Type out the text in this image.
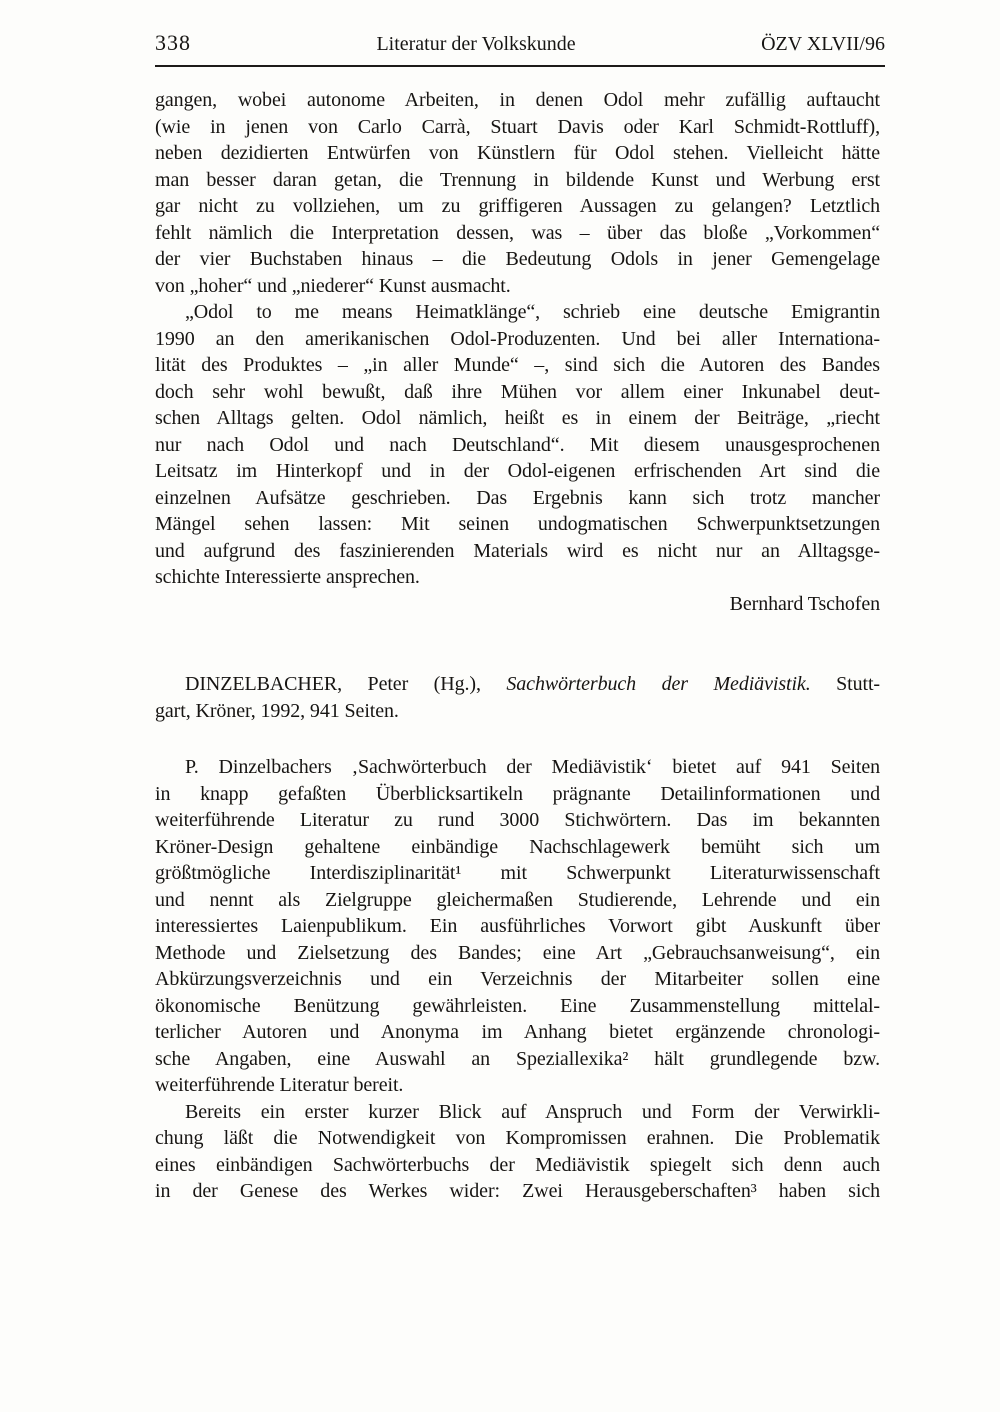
338	Literatur der Volkskunde	ÖZV XLVII/96
gangen, wobei autonome Arbeiten, in denen Odol mehr zufällig auftaucht
(wie in jenen von Carlo Carrà, Stuart Davis oder Karl Schmidt-Rottluff),
neben dezidierten Entwürfen von Künstlern für Odol stehen. Vielleicht hätte
man besser daran getan, die Trennung in bildende Kunst und Werbung erst
gar nicht zu vollziehen, um zu griffigeren Aussagen zu gelangen? Letztlich
fehlt nämlich die Interpretation dessen, was – über das bloße „Vorkommen“
der vier Buchstaben hinaus – die Bedeutung Odols in jener Gemengelage
von „hoher“ und „niederer“ Kunst ausmacht.
„Odol to me means Heimatklänge“, schrieb eine deutsche Emigrantin
1990 an den amerikanischen Odol-Produzenten. Und bei aller Internationa-
lität des Produktes – „in aller Munde“ –, sind sich die Autoren des Bandes
doch sehr wohl bewußt, daß ihre Mühen vor allem einer Inkunabel deut-
schen Alltags gelten. Odol nämlich, heißt es in einem der Beiträge, „riecht
nur nach Odol und nach Deutschland“. Mit diesem unausgesprochenen
Leitsatz im Hinterkopf und in der Odol-eigenen erfrischenden Art sind die
einzelnen Aufsätze geschrieben. Das Ergebnis kann sich trotz mancher
Mängel sehen lassen: Mit seinen undogmatischen Schwerpunktsetzungen
und aufgrund des faszinierenden Materials wird es nicht nur an Alltagsge-
schichte Interessierte ansprechen.
Bernhard Tschofen
DINZELBACHER, Peter (Hg.), Sachwörterbuch der Mediävistik. Stutt-
gart, Kröner, 1992, 941 Seiten.
P. Dinzelbachers ‚Sachwörterbuch der Mediävistik‘ bietet auf 941 Seiten
in knapp gefaßten Überblicksartikeln prägnante Detailinformationen und
weiterführende Literatur zu rund 3000 Stichwörtern. Das im bekannten
Kröner-Design gehaltene einbändige Nachschlagewerk bemüht sich um
größtmögliche Interdisziplinarität¹ mit Schwerpunkt Literaturwissenschaft
und nennt als Zielgruppe gleichermaßen Studierende, Lehrende und ein
interessiertes Laienpublikum. Ein ausführliches Vorwort gibt Auskunft über
Methode und Zielsetzung des Bandes; eine Art „Gebrauchsanweisung“, ein
Abkürzungsverzeichnis und ein Verzeichnis der Mitarbeiter sollen eine
ökonomische Benützung gewährleisten. Eine Zusammenstellung mittelal-
terlicher Autoren und Anonyma im Anhang bietet ergänzende chronologi-
sche Angaben, eine Auswahl an Speziallexika² hält grundlegende bzw.
weiterführende Literatur bereit.
Bereits ein erster kurzer Blick auf Anspruch und Form der Verwirkli-
chung läßt die Notwendigkeit von Kompromissen erahnen. Die Problematik
eines einbändigen Sachwörterbuchs der Mediävistik spiegelt sich denn auch
in der Genese des Werkes wider: Zwei Herausgeberschaften³ haben sich
